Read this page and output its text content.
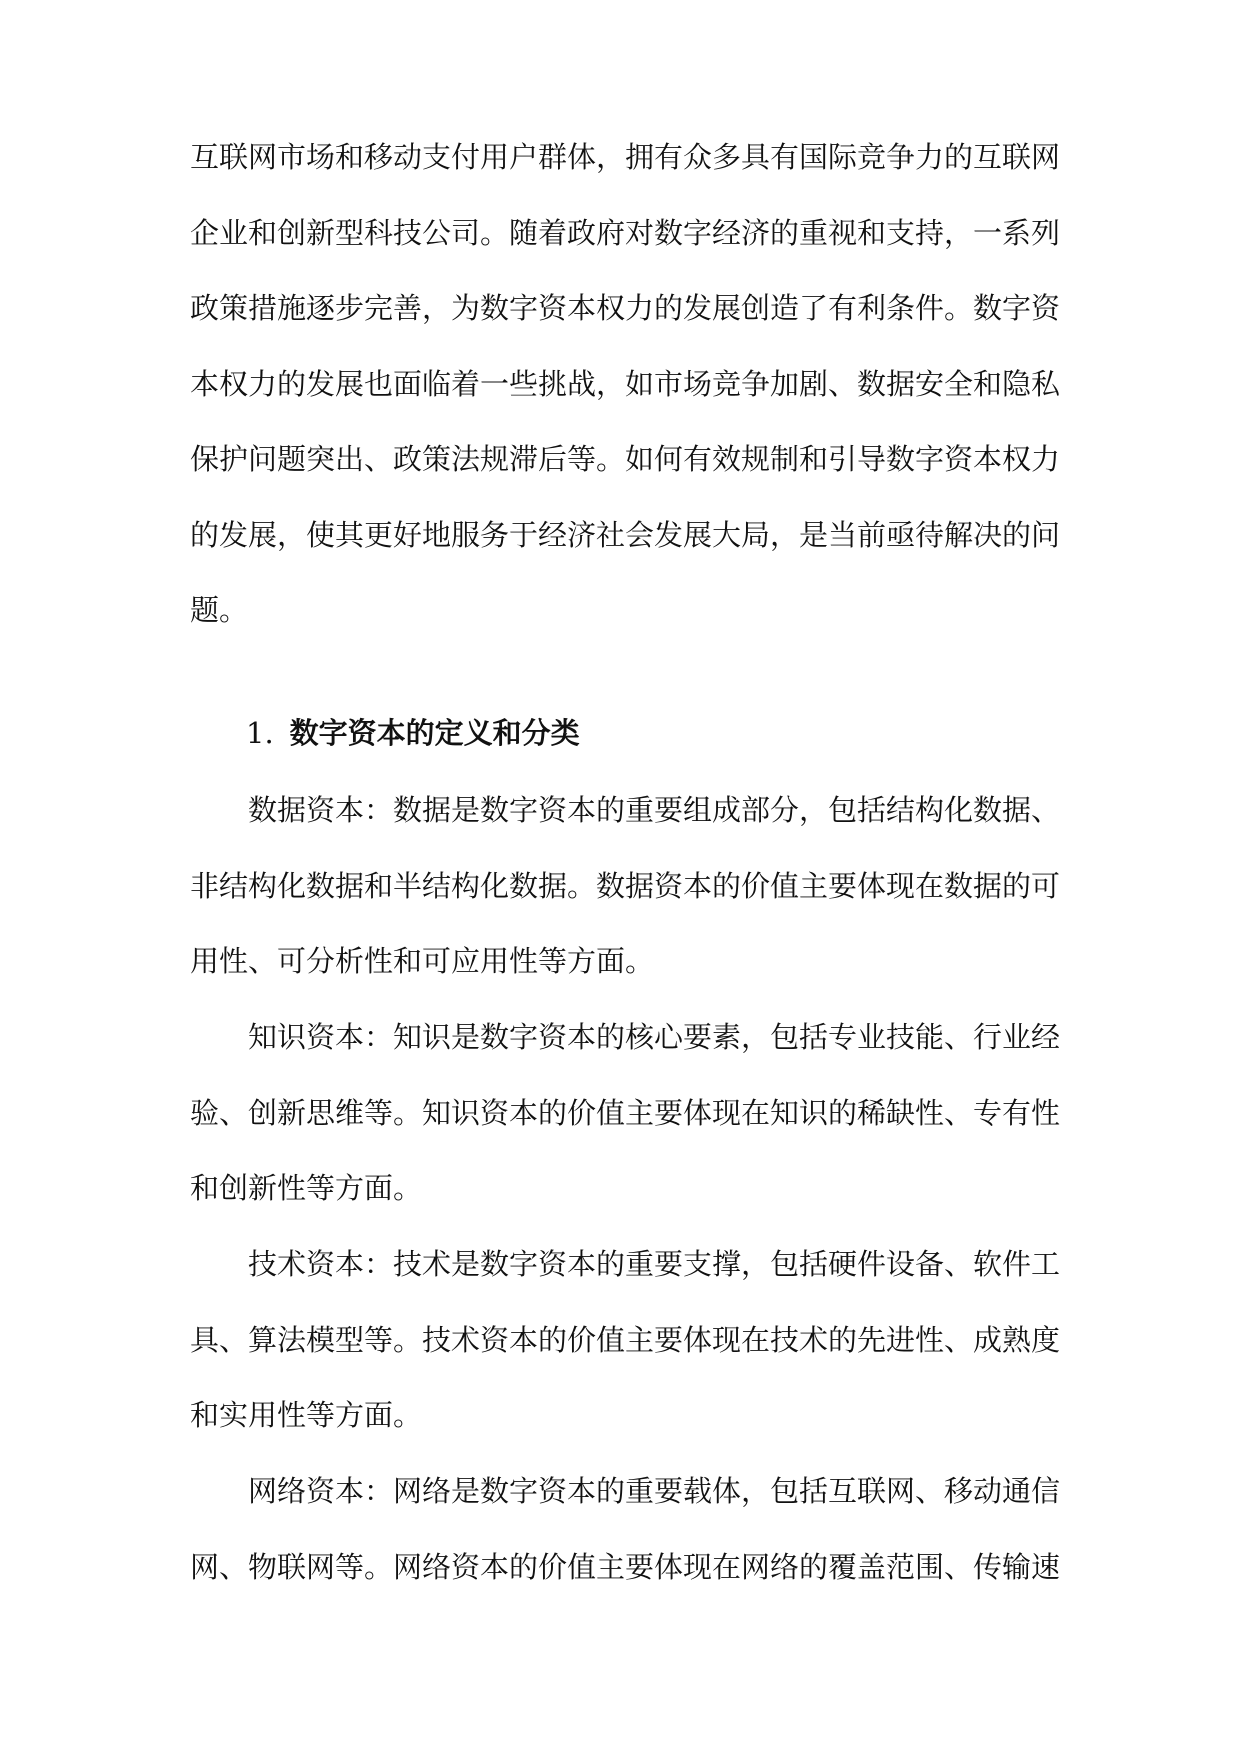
互联网市场和移动支付用户群体，拥有众多具有国际竞争力的互联网
企业和创新型科技公司。随着政府对数字经济的重视和支持，一系列
政策措施逐步完善，为数字资本权力的发展创造了有利条件。数字资
本权力的发展也面临着一些挑战，如市场竞争加剧、数据安全和隐私
保护问题突出、政策法规滞后等。如何有效规制和引导数字资本权力
的发展，使其更好地服务于经济社会发展大局，是当前亟待解决的问
题。
1. 数字资本的定义和分类
数据资本：数据是数字资本的重要组成部分，包括结构化数据、
非结构化数据和半结构化数据。数据资本的价值主要体现在数据的可
用性、可分析性和可应用性等方面。
知识资本：知识是数字资本的核心要素，包括专业技能、行业经
验、创新思维等。知识资本的价值主要体现在知识的稀缺性、专有性
和创新性等方面。
技术资本：技术是数字资本的重要支撑，包括硬件设备、软件工
具、算法模型等。技术资本的价值主要体现在技术的先进性、成熟度
和实用性等方面。
网络资本：网络是数字资本的重要载体，包括互联网、移动通信
网、物联网等。网络资本的价值主要体现在网络的覆盖范围、传输速
